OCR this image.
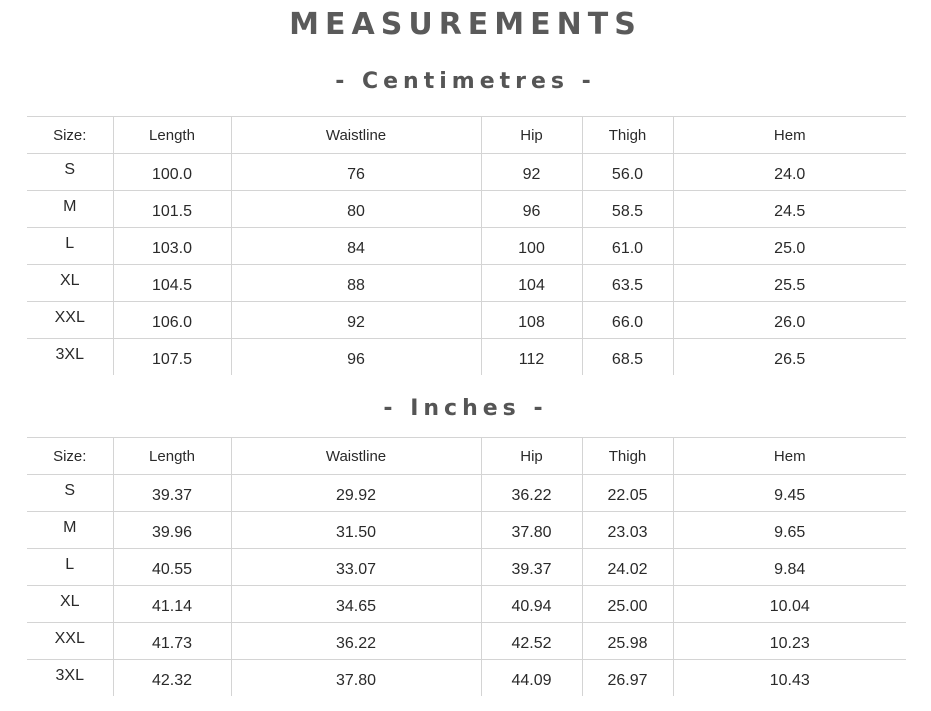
MEASUREMENTS
- Centimetres -
Size:	Length	Waistline	Hip	Thigh	Hem
S	100.0	76	92	56.0	24.0
M	101.5	80	96	58.5	24.5
L	103.0	84	100	61.0	25.0
XL	104.5	88	104	63.5	25.5
XXL	106.0	92	108	66.0	26.0
3XL	107.5	96	112	68.5	26.5
- Inches -
Size:	Length	Waistline	Hip	Thigh	Hem
S	39.37	29.92	36.22	22.05	9.45
M	39.96	31.50	37.80	23.03	9.65
L	40.55	33.07	39.37	24.02	9.84
XL	41.14	34.65	40.94	25.00	10.04
XXL	41.73	36.22	42.52	25.98	10.23
3XL	42.32	37.80	44.09	26.97	10.43
